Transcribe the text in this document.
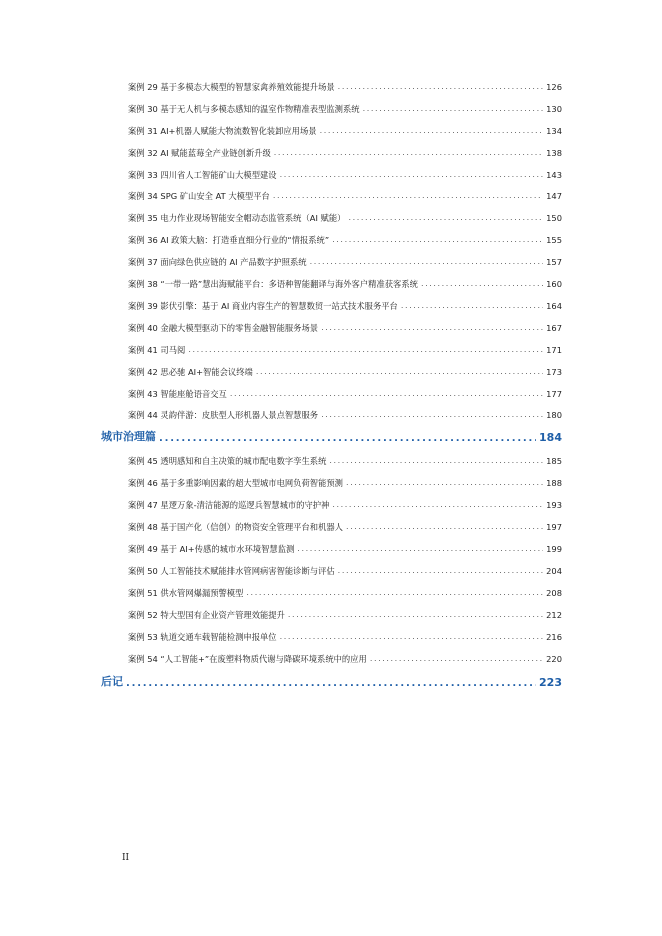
案例 29 基于多模态大模型的智慧家禽养殖效能提升场景 .....	126
案例 30 基于无人机与多模态感知的温室作物精准表型监测系统 .....	130
案例 31 AI+机器人赋能大物流数智化装卸应用场景 .....	134
案例 32 AI 赋能蓝莓全产业链创新升级 .....	138
案例 33 四川省人工智能矿山大模型建设 .....	143
案例 34 SPG 矿山安全 AT 大模型平台 .....	147
案例 35 电力作业现场智能安全帽动态监管系统（AI 赋能） .....	150
案例 36 AI 政策大脑：打造垂直细分行业的“情报系统” .....	155
案例 37 面向绿色供应链的 AI 产品数字护照系统 .....	157
案例 38 “一带一路”慧出海赋能平台：多语种智能翻译与海外客户精准获客系统 .....	160
案例 39 影伏引擎：基于 AI 商业内容生产的智慧数贸一站式技术服务平台 .....	164
案例 40 金融大模型驱动下的零售金融智能服务场景 .....	167
案例 41 司马阅 .....	171
案例 42 思必驰 AI+智能会议终端 .....	173
案例 43 智能座舱语音交互 .....	177
案例 44 灵韵伴游：皮肤型人形机器人景点智慧服务 .....	180
城市治理篇 .....	184
案例 45 透明感知和自主决策的城市配电数字孪生系统 .....	185
案例 46 基于多重影响因素的超大型城市电网负荷智能预测 .....	188
案例 47 星逻万象-清洁能源的巡逻兵智慧城市的守护神 .....	193
案例 48 基于国产化（信创）的物资安全管理平台和机器人 .....	197
案例 49 基于 AI+传感的城市水环境智慧监测 .....	199
案例 50 人工智能技术赋能排水管网病害智能诊断与评估 .....	204
案例 51 供水管网爆漏预警模型 .....	208
案例 52 特大型国有企业资产管理效能提升 .....	212
案例 53 轨道交通车载智能检测申报单位 .....	216
案例 54 “人工智能+”在废塑料物质代谢与降碳环境系统中的应用 .....	220
后记 .....	223
II
